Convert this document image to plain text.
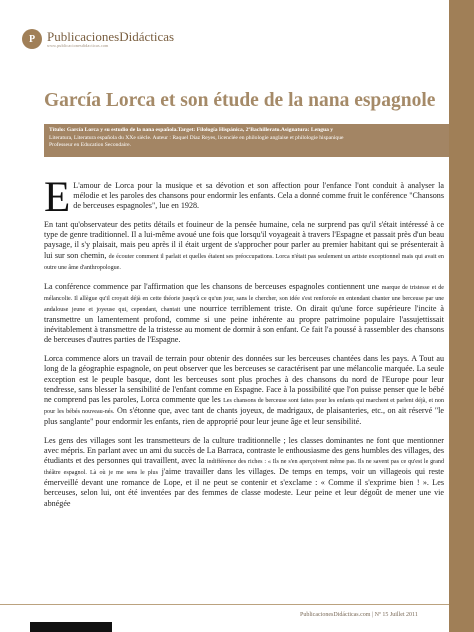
P PublicacionesDidácticas
www.publicacionesdidacticas.com
García Lorca et son étude de la nana espagnole
Título: García Lorca y su estudio de la nana española.Target: Filología Hispánica, 2ºBachillerato.Asignatura: Lengua y
Literatura, Literatura española du XXe siècle. Auteur : Raquel Díaz Reyes, licenciée en philologie anglaise et philologie hispanique
Professeur en Education Secondaire.
E L'amour de Lorca pour la musique et sa dévotion et son affection pour l'enfance l'ont conduit à analyser la mélodie et les paroles des chansons pour endormir les enfants. Cela a donné comme fruit le conférence "Chansons de berceuses espagnoles", lue en 1928.
En tant qu'observateur des petits détails et fouineur de la pensée humaine, cela ne surprend pas qu'il s'était intéressé à ce type de genre traditionnel. Il a lui-même avoué une fois que lorsqu'il voyageait à travers l'Espagne et passait près d'un beau paysage, il s'y plaisait, mais peu après il il était urgent de s'approcher pour parler au premier habitant qui se présenterait à lui sur son chemin, de écouter comment il parlait et quelles étaient ses préoccupations. Lorca n'était pas seulement un artiste exceptionnel mais qui avait en outre une âme d'anthropologue.
La conférence commence par l'affirmation que les chansons de berceuses espagnoles contiennent une marque de tristesse et de mélancolie. Il allègue qu'il croyait déjà en cette théorie jusqu'à ce qu'un jour, sans le chercher, son idée s'est renforcée en entendant chanter une berceuse par une andalouse jeune et joyeuse qui, cependant, chantait une nourrice terriblement triste. On dirait qu'une force supérieure l'incite à transmettre un lamentement profond, comme si une peine inhérente au propre patrimoine populaire l'assujettissait inévitablement à transmettre de la tristesse au moment de dormir à son enfant. Ce fait l'a poussé à rassembler des chansons de berceuses d'autres parties de l'Espagne.
Lorca commence alors un travail de terrain pour obtenir des données sur les berceuses chantées dans les pays. A Tout au long de la géographie espagnole, on peut observer que les berceuses se caractérisent par une mélancolie marquée. La seule exception est le peuple basque, dont les berceuses sont plus proches à des chansons du nord de l'Europe pour leur tendresse, sans blesser la sensibilité de l'enfant comme en Espagne. Face à la possibilité que l'on puisse penser que le bébé ne comprend pas les paroles, Lorca commente que les Les chansons de berceuse sont faites pour les enfants qui marchent et parlent déjà, et non pour les bébés nouveau-nés. On s'étonne que, avec tant de chants joyeux, de madrigaux, de plaisanteries, etc., on ait réservé "le plus sanglante" pour endormir les enfants, rien de approprié pour leur jeune âge et leur sensibilité.
Les gens des villages sont les transmetteurs de la culture traditionnelle ; les classes dominantes ne font que mentionner avec mépris. En parlant avec un ami du succès de La Barraca, contraste le enthousiasme des gens humbles des villages, des étudiants et des personnes qui travaillent, avec la indifférence des riches : « Ils ne s'en aperçoivent même pas. Ils ne savent pas ce qu'est le grand théâtre espagnol. Là où je me sens le plus j'aime travailler dans les villages. De temps en temps, voir un villageois qui reste émerveillé devant une romance de Lope, et il ne peut se contenir et s'exclame : « Comme il s'exprime bien ! ». Les berceuses, selon lui, ont été inventées par des femmes de classe modeste. Leur peine et leur dégoût de mener une vie abnégée
PublicacionesDidácticas.com | Nº 15 Juillet 2011
